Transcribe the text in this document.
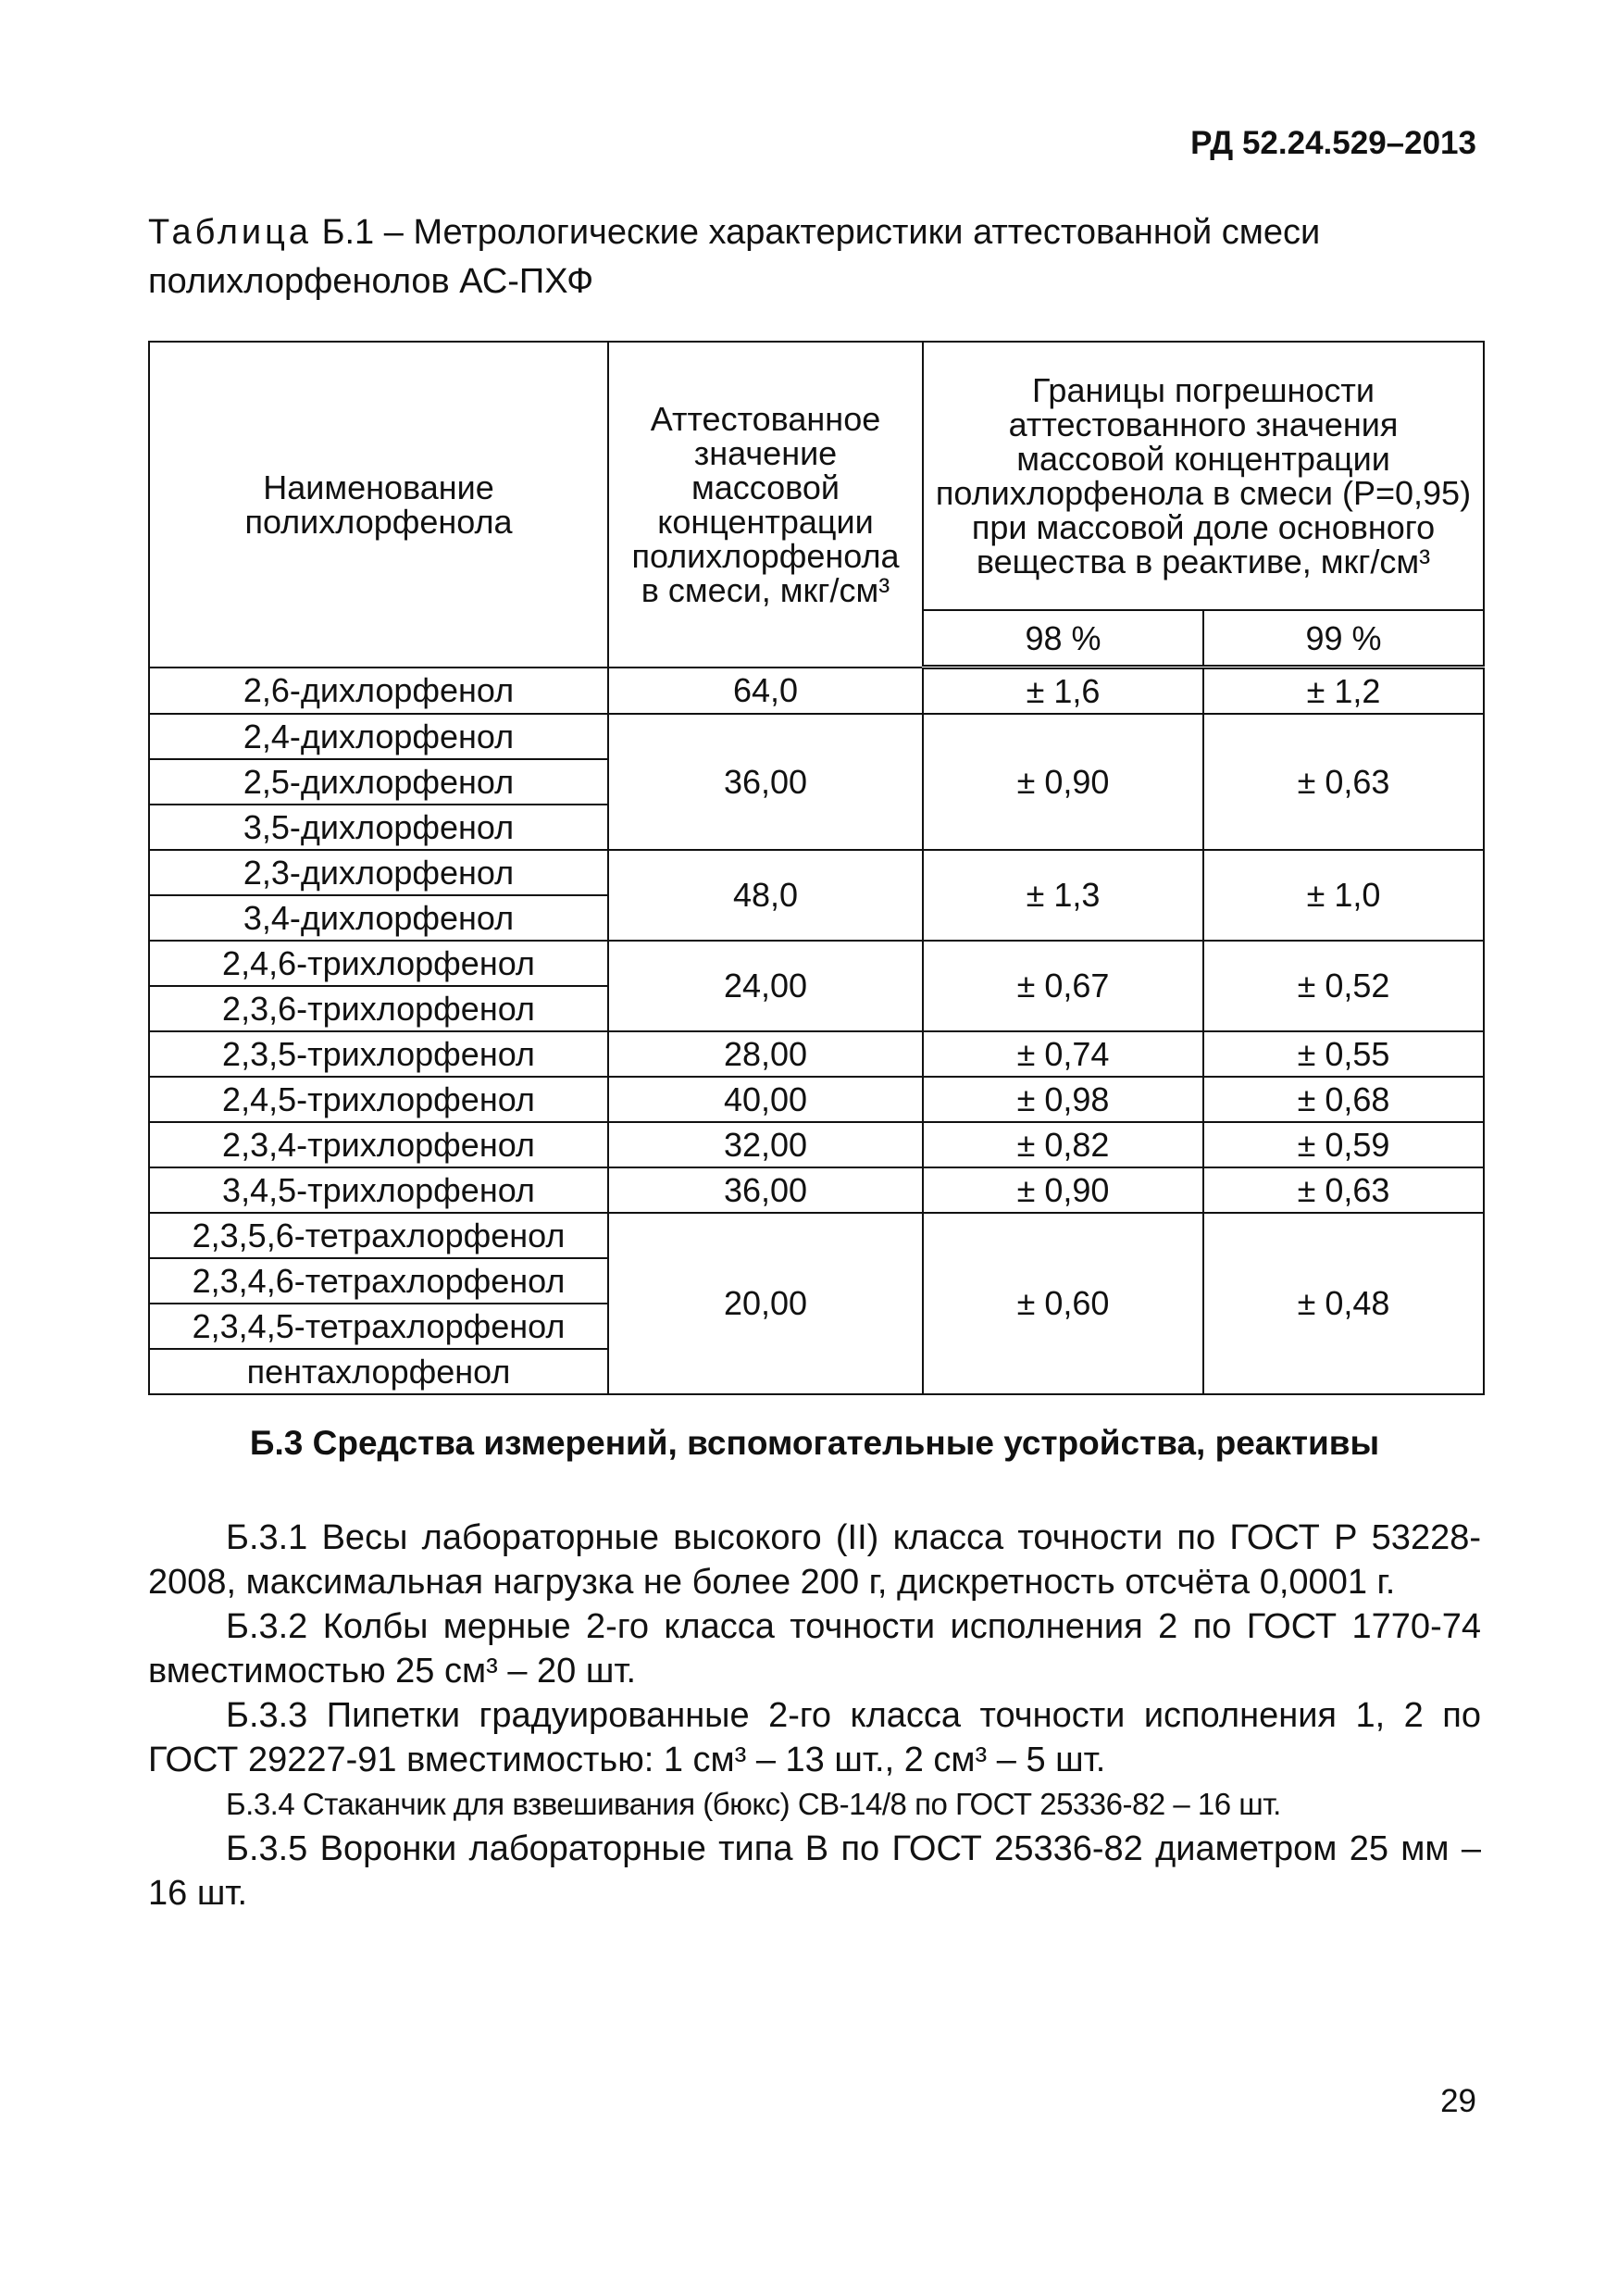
РД 52.24.529–2013
Таблица Б.1 – Метрологические характеристики аттестованной смеси полихлорфенолов АС-ПХФ
Наименование полихлорфенола	Аттестованное значение массовой концентрации полихлорфенола в смеси, мкг/см³	Границы погрешности аттестованного значения массовой концентрации полихлорфенола в смеси (Р=0,95) при массовой доле основного вещества в реактиве, мкг/см³	
		98 %	99 %
2,6-дихлорфенол	64,0	± 1,6	± 1,2
2,4-дихлорфенол	36,00	± 0,90	± 0,63
2,5-дихлорфенол			
3,5-дихлорфенол			
2,3-дихлорфенол	48,0	± 1,3	± 1,0
3,4-дихлорфенол			
2,4,6-трихлорфенол	24,00	± 0,67	± 0,52
2,3,6-трихлорфенол			
2,3,5-трихлорфенол	28,00	± 0,74	± 0,55
2,4,5-трихлорфенол	40,00	± 0,98	± 0,68
2,3,4-трихлорфенол	32,00	± 0,82	± 0,59
3,4,5-трихлорфенол	36,00	± 0,90	± 0,63
2,3,5,6-тетрахлорфенол	20,00	± 0,60	± 0,48
2,3,4,6-тетрахлорфенол			
2,3,4,5-тетрахлорфенол			
пентахлорфенол			
Б.3 Средства измерений, вспомогательные устройства, реактивы

Б.3.1 Весы лабораторные высокого (II) класса точности по ГОСТ Р 53228-2008, максимальная нагрузка не более 200 г, дискретность отсчёта 0,0001 г.

Б.3.2 Колбы мерные 2-го класса точности исполнения 2 по ГОСТ 1770-74 вместимостью 25 см³ – 20 шт.

Б.3.3 Пипетки градуированные 2-го класса точности исполнения 1, 2 по ГОСТ 29227-91 вместимостью: 1 см³ – 13 шт., 2 см³ – 5 шт.

Б.3.4 Стаканчик для взвешивания (бюкс) СВ-14/8 по ГОСТ 25336-82 – 16 шт.

Б.3.5 Воронки лабораторные типа В по ГОСТ 25336-82 диаметром 25 мм – 16 шт.

29
